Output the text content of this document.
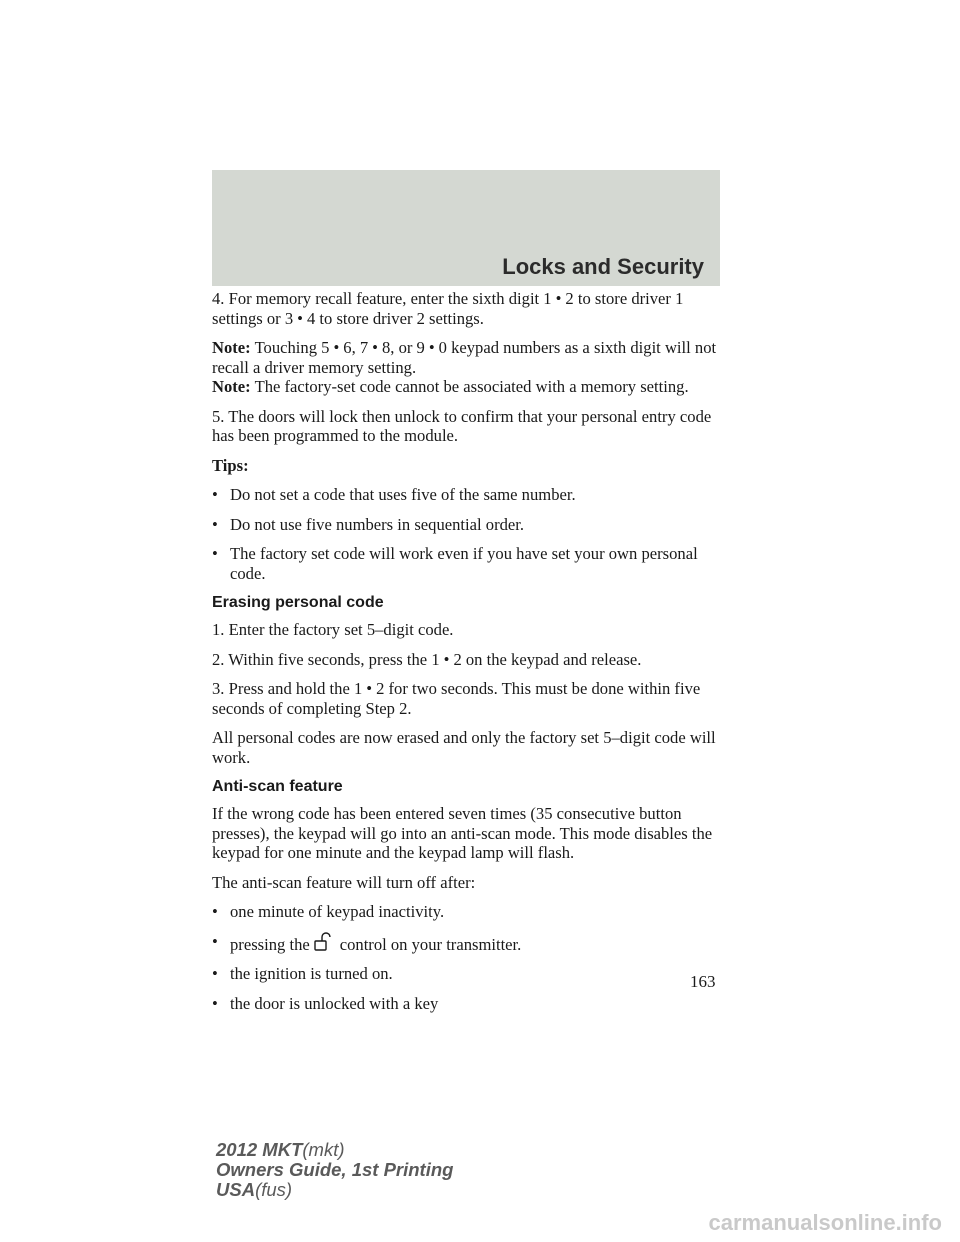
Locks and Security

4. For memory recall feature, enter the sixth digit 1 • 2 to store driver 1 settings or 3 • 4 to store driver 2 settings.

Note: Touching 5 • 6, 7 • 8, or 9 • 0 keypad numbers as a sixth digit will not recall a driver memory setting.

Note: The factory-set code cannot be associated with a memory setting.

5. The doors will lock then unlock to confirm that your personal entry code has been programmed to the module.

Tips:

• Do not set a code that uses five of the same number.
• Do not use five numbers in sequential order.
• The factory set code will work even if you have set your own personal code.
Erasing personal code

1. Enter the factory set 5–digit code.

2. Within five seconds, press the 1 • 2 on the keypad and release.

3. Press and hold the 1 • 2 for two seconds. This must be done within five seconds of completing Step 2.

All personal codes are now erased and only the factory set 5–digit code will work.

Anti-scan feature

If the wrong code has been entered seven times (35 consecutive button presses), the keypad will go into an anti-scan mode. This mode disables the keypad for one minute and the keypad lamp will flash.

The anti-scan feature will turn off after:

• one minute of keypad inactivity.
• pressing the control on your transmitter.
• the ignition is turned on.
• the door is unlocked with a key
163
2012 MKT(mkt)
Owners Guide, 1st Printing
USA(fus)
carmanualsonline.info
